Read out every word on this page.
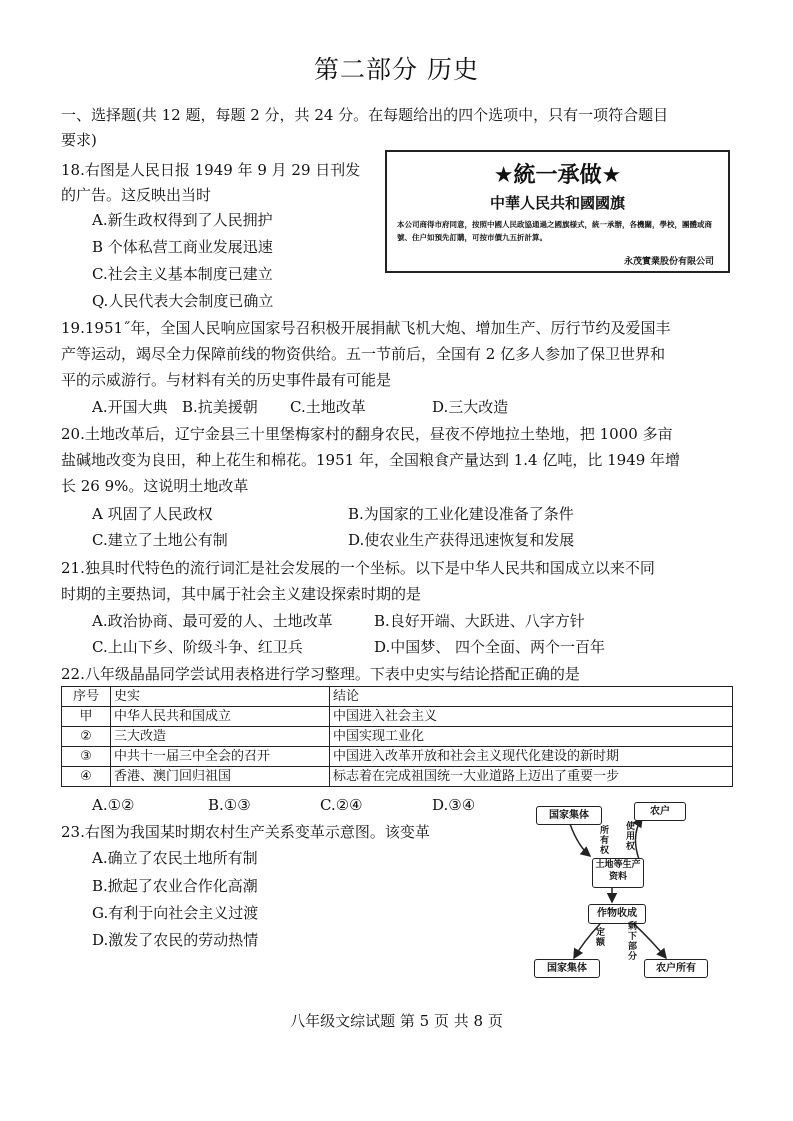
第二部分 历史
一、选择题(共 12 题，每题 2 分，共 24 分。在每题给出的四个选项中，只有一项符合题目
要求)
18.右图是人民日报 1949 年 9 月 29 日刊发
的广告。这反映出当时
A.新生政权得到了人民拥护
B 个体私营工商业发展迅速
C.社会主义基本制度已建立
Q.人民代表大会制度已确立
★統一承做★
中華人民共和國國旗
本公司商得市府同意，按照中國人民政協通過之國旗様式，統一承辦，各機關，學校，團體或商號、住户如預先訂購，可按市價九五折計算。
永茂實業股份有限公司
19.1951˝年，全国人民响应国家号召积极开展捐献飞机大炮、增加生产、厉行节约及爱国丰
产等运动，竭尽全力保障前线的物资供给。五一节前后，全国有 2 亿多人参加了保卫世界和
平的示威游行。与材料有关的历史事件最有可能是
A.开国大典 B.抗美援朝 C.土地改革	D.三大改造
20.土地改革后，辽宁金县三十里堡梅家村的翻身农民，昼夜不停地拉土垫地，把 1000 多亩
盐碱地改变为良田，种上花生和棉花。1951 年，全国粮食产量达到 1.4 亿吨，比 1949 年增
长 26 9%。这说明土地改革
A 巩固了人民政权	B.为国家的工业化建设准备了条件
C.建立了土地公有制	D.使农业生产获得迅速恢复和发展
21.独具时代特色的流行词汇是社会发展的一个坐标。以下是中华人民共和国成立以来不同
时期的主要热词，其中属于社会主义建设探索时期的是
A.政治协商、最可爱的人、土地改革	B.良好开端、大跃进、八字方针
C.上山下乡、阶级斗争、红卫兵	D.中国梦、 四个全面、两个一百年
22.八年级晶晶同学尝试用表格进行学习整理。下表中史实与结论搭配正确的是
序号	史实	结论
甲	中华人民共和国成立	中国进入社会主义
②	三大改造	中国实现工业化
③	中共十一届三中全会的召开	中国进入改革开放和社会主义现代化建设的新时期
④	香港、澳门回归祖国	标志着在完成祖国统一大业道路上迈出了重要一步
A.①②	B.①③	C.②④	D.③④
23.右图为我国某时期农村生产关系变革示意图。该变革
A.确立了农民土地所有制
B.掀起了农业合作化高潮
G.有利于向社会主义过渡
D.激发了农民的劳动热情
国家集体	农户
所有权
使用权
土地等生产资料
作物收成
定额
剩下部分
国家集体	农户所有
八年级文综试题 第 5 页 共 8 页
